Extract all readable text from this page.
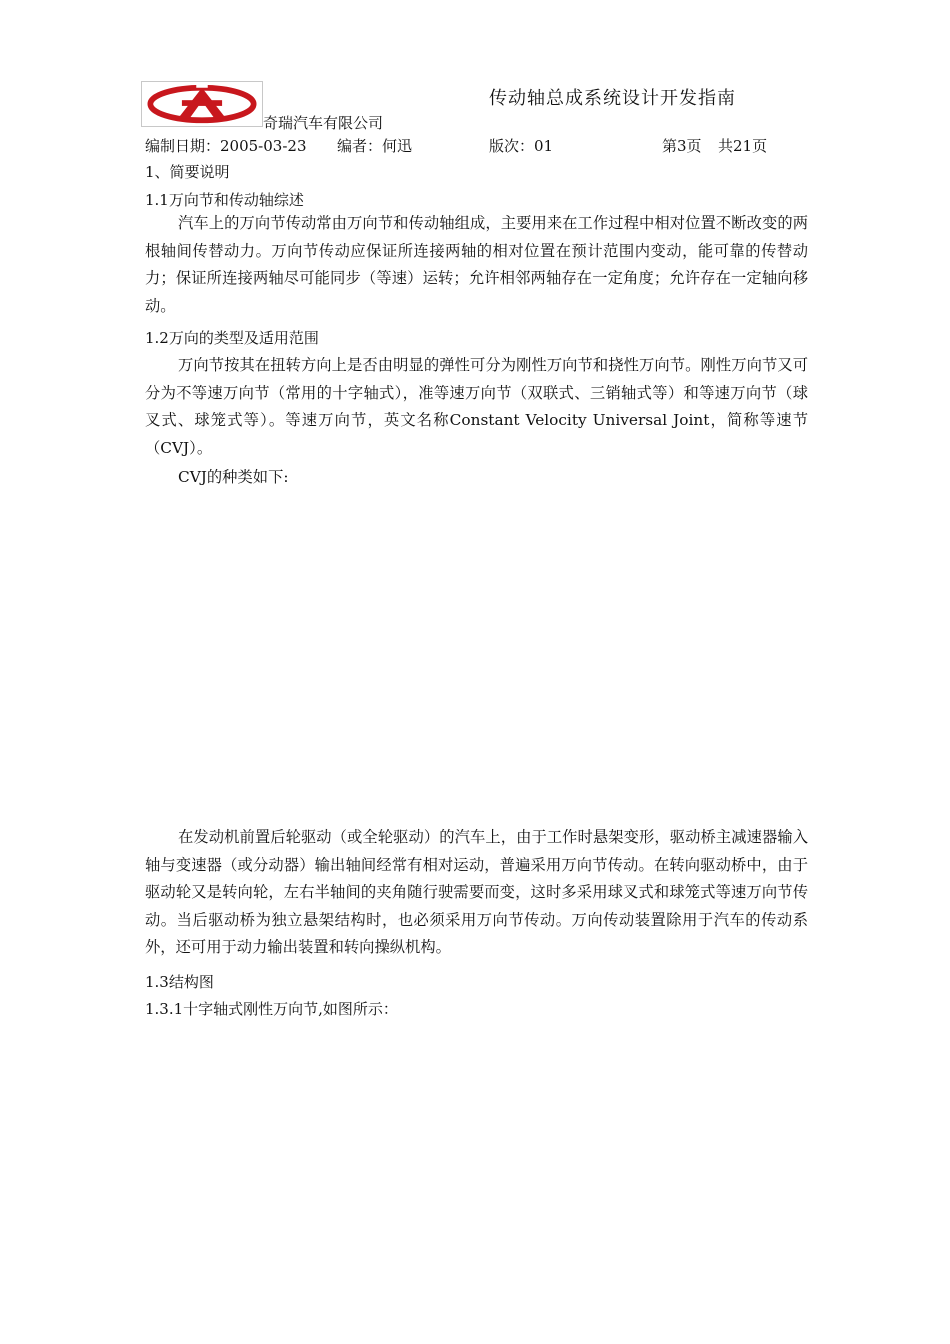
奇瑞汽车有限公司
传动轴总成系统设计开发指南
编制日期：2005-03-23 编者：何迅	版次：01	第3页 共21页
1、简要说明
1.1万向节和传动轴综述

汽车上的万向节传动常由万向节和传动轴组成，主要用来在工作过程中相对位置不断改变的两根轴间传替动力。万向节传动应保证所连接两轴的相对位置在预计范围内变动，能可靠的传替动力；保证所连接两轴尽可能同步（等速）运转；允许相邻两轴存在一定角度；允许存在一定轴向移动。

1.2万向的类型及适用范围

万向节按其在扭转方向上是否由明显的弹性可分为刚性万向节和挠性万向节。刚性万向节又可分为不等速万向节（常用的十字轴式），准等速万向节（双联式、三销轴式等）和等速万向节（球叉式、球笼式等）。等速万向节，英文名称Constant Velocity Universal Joint，简称等速节（CVJ）。

CVJ的种类如下:

在发动机前置后轮驱动（或全轮驱动）的汽车上，由于工作时悬架变形，驱动桥主减速器输入轴与变速器（或分动器）输出轴间经常有相对运动，普遍采用万向节传动。在转向驱动桥中，由于驱动轮又是转向轮，左右半轴间的夹角随行驶需要而变，这时多采用球叉式和球笼式等速万向节传动。当后驱动桥为独立悬架结构时，也必须采用万向节传动。万向传动装置除用于汽车的传动系外，还可用于动力输出装置和转向操纵机构。

1.3结构图
1.3.1十字轴式刚性万向节,如图所示：
